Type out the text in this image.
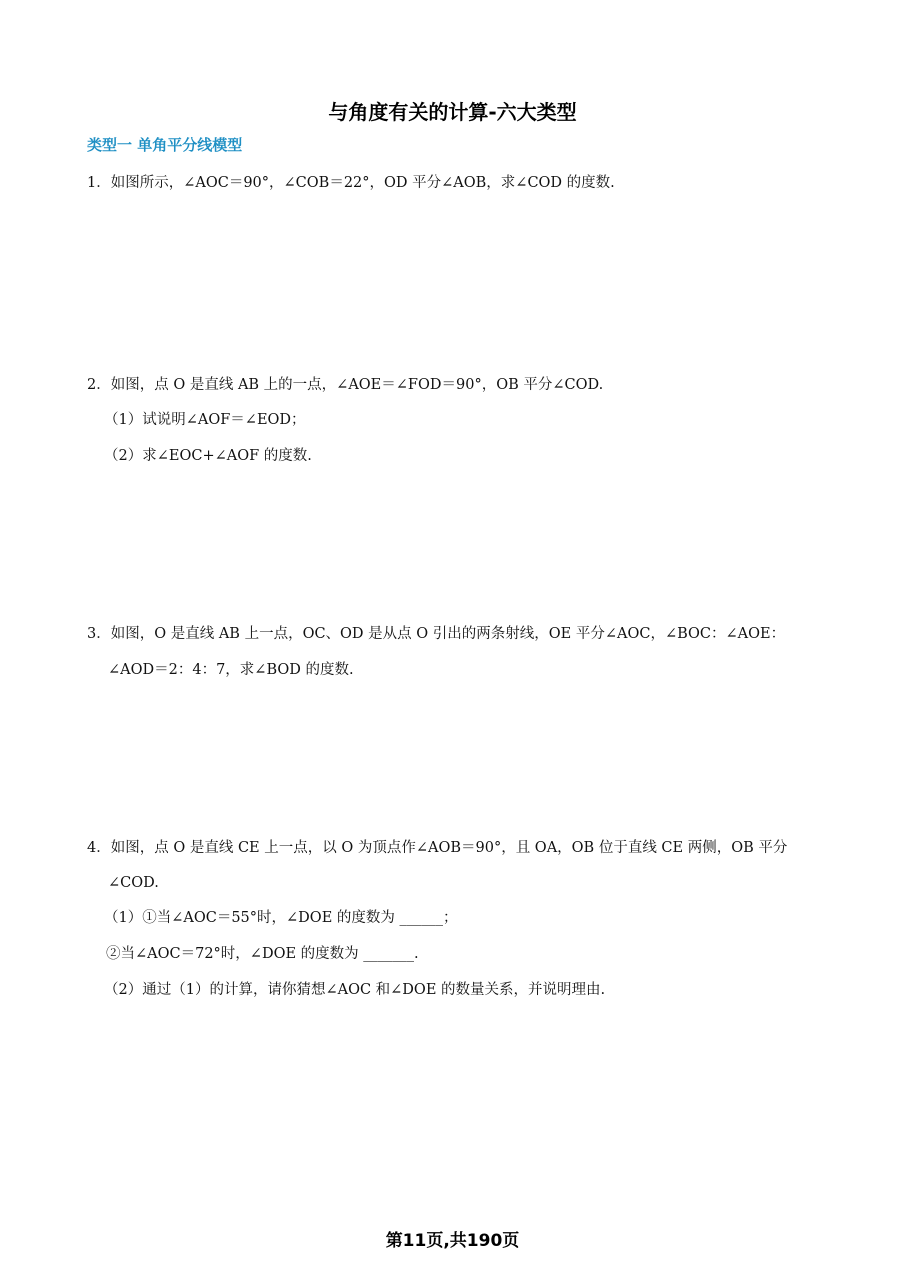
与角度有关的计算-六大类型
类型一 单角平分线模型
1．如图所示，∠AOC＝90°，∠COB＝22°，OD 平分∠AOB，求∠COD 的度数.
2．如图，点 O 是直线 AB 上的一点，∠AOE＝∠FOD＝90°，OB 平分∠COD.
（1）试说明∠AOF＝∠EOD；
（2）求∠EOC+∠AOF 的度数.
3．如图，O 是直线 AB 上一点，OC、OD 是从点 O 引出的两条射线，OE 平分∠AOC，∠BOC：∠AOE：
∠AOD＝2：4：7，求∠BOD 的度数.
4．如图，点 O 是直线 CE 上一点，以 O 为顶点作∠AOB＝90°，且 OA，OB 位于直线 CE 两侧，OB 平分
∠COD.
（1）①当∠AOC＝55°时，∠DOE 的度数为 ______；
②当∠AOC＝72°时，∠DOE 的度数为 _______.
（2）通过（1）的计算，请你猜想∠AOC 和∠DOE 的数量关系，并说明理由.
第11页,共190页
